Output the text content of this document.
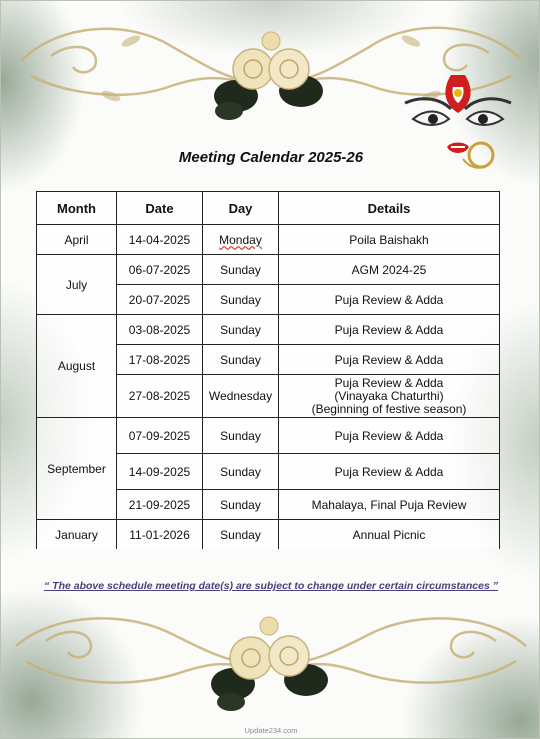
Meeting Calendar 2025-26
Month	Date	Day	Details
April	14-04-2025	Monday	Poila Baishakh
July	06-07-2025	Sunday	AGM 2024-25
	20-07-2025	Sunday	Puja Review & Adda
August	03-08-2025	Sunday	Puja Review & Adda
	17-08-2025	Sunday	Puja Review & Adda
	27-08-2025	Wednesday	Puja Review & Adda
(Vinayaka Chaturthi)
(Beginning of festive season)

September	07-09-2025	Sunday	Puja Review & Adda
	14-09-2025	Sunday	Puja Review & Adda
	21-09-2025	Sunday	Mahalaya, Final Puja Review
January	11-01-2026	Sunday	Annual Picnic
“ The above schedule meeting date(s) are subject to change under certain circumstances ”
Update234.com
